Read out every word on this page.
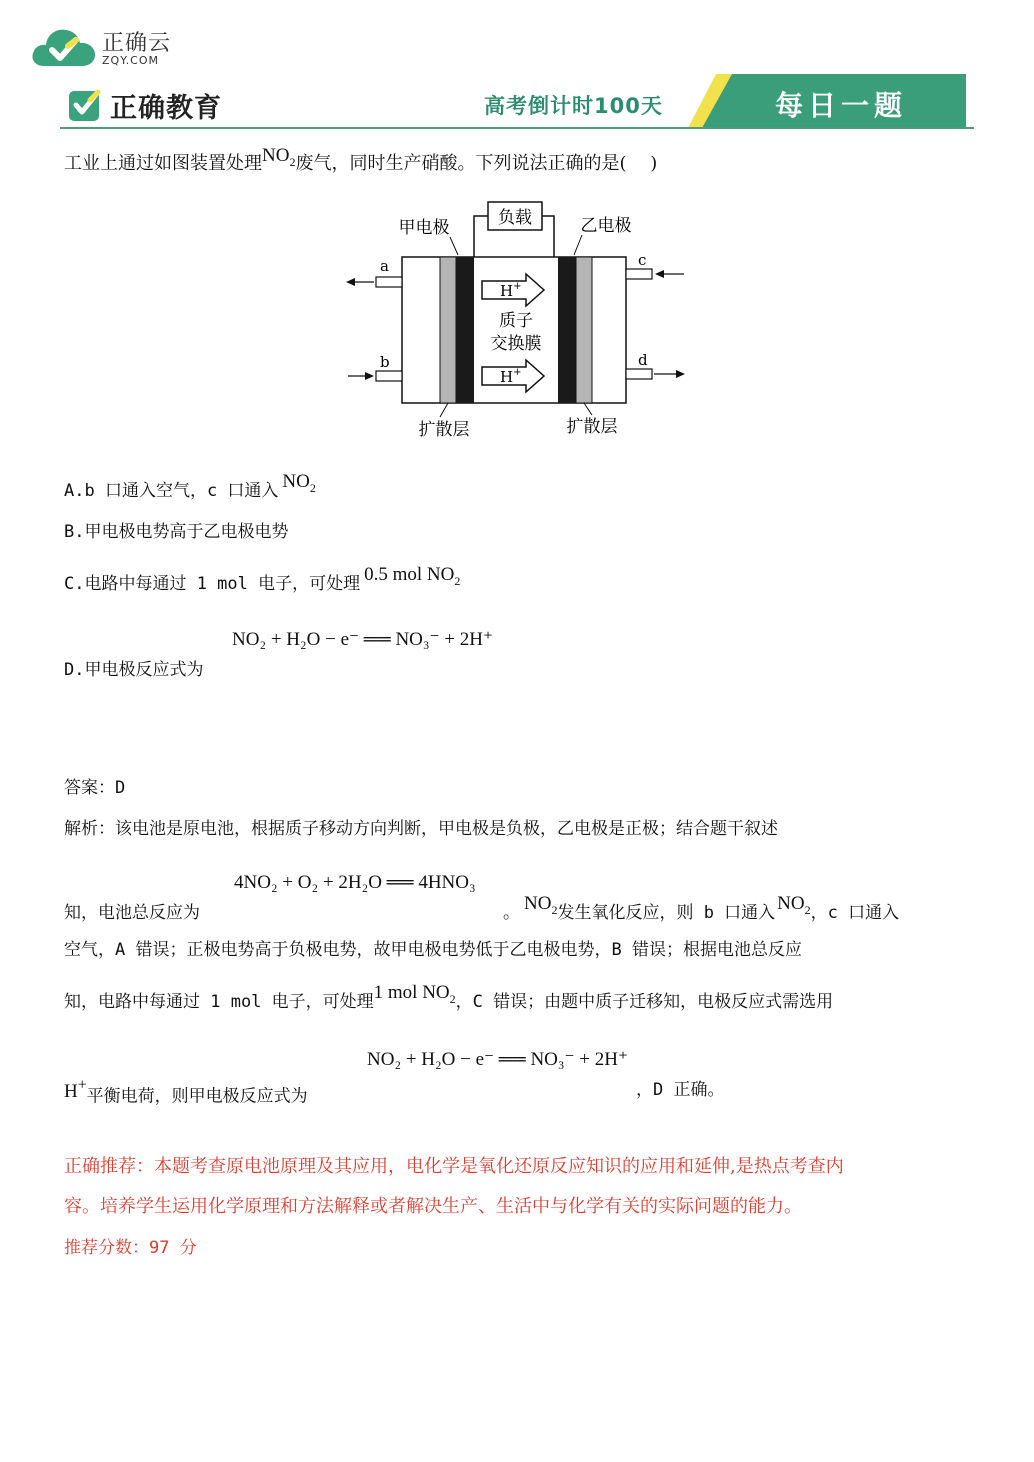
正确云
ZQY.COM
正确教育	高考倒计时100天	每日一题
工业上通过如图装置处理$NO_2$废气，同时生产硝酸。下列说法正确的是(　 )
负载
甲电极	乙电极
H+
H+
质子
交换膜
a
b
c
d
扩散层	扩散层
A.b 口通入空气，c 口通入 $NO_2$
B.甲电极电势高于乙电极电势
C.电路中每通过 1 mol 电子，可处理 0.5 mol $NO_2$
NO₂ + H₂O − e⁻ ══ NO₃⁻ + 2H⁺
D.甲电极反应式为
答案：D
解析：该电池是原电池，根据质子移动方向判断，甲电极是负极，乙电极是正极；结合题干叙述
4NO₂ + O₂ + 2H₂O ══ 4HNO₃
知，电池总反应为	。 $NO_2$发生氧化反应，则 b 口通入 $NO_2$，c 口通入
空气，A 错误；正极电势高于负极电势，故甲电极电势低于乙电极电势，B 错误；根据电池总反应
知，电路中每通过 1 mol 电子，可处理1 mol $NO_2$，C 错误；由题中质子迁移知，电极反应式需选用
NO₂ + H₂O − e⁻ ══ NO₃⁻ + 2H⁺
H+平衡电荷，则甲电极反应式为	，D 正确。
正确推荐：本题考查原电池原理及其应用，电化学是氧化还原反应知识的应用和延伸,是热点考查内
容。培养学生运用化学原理和方法解释或者解决生产、生活中与化学有关的实际问题的能力。
推荐分数：97 分
